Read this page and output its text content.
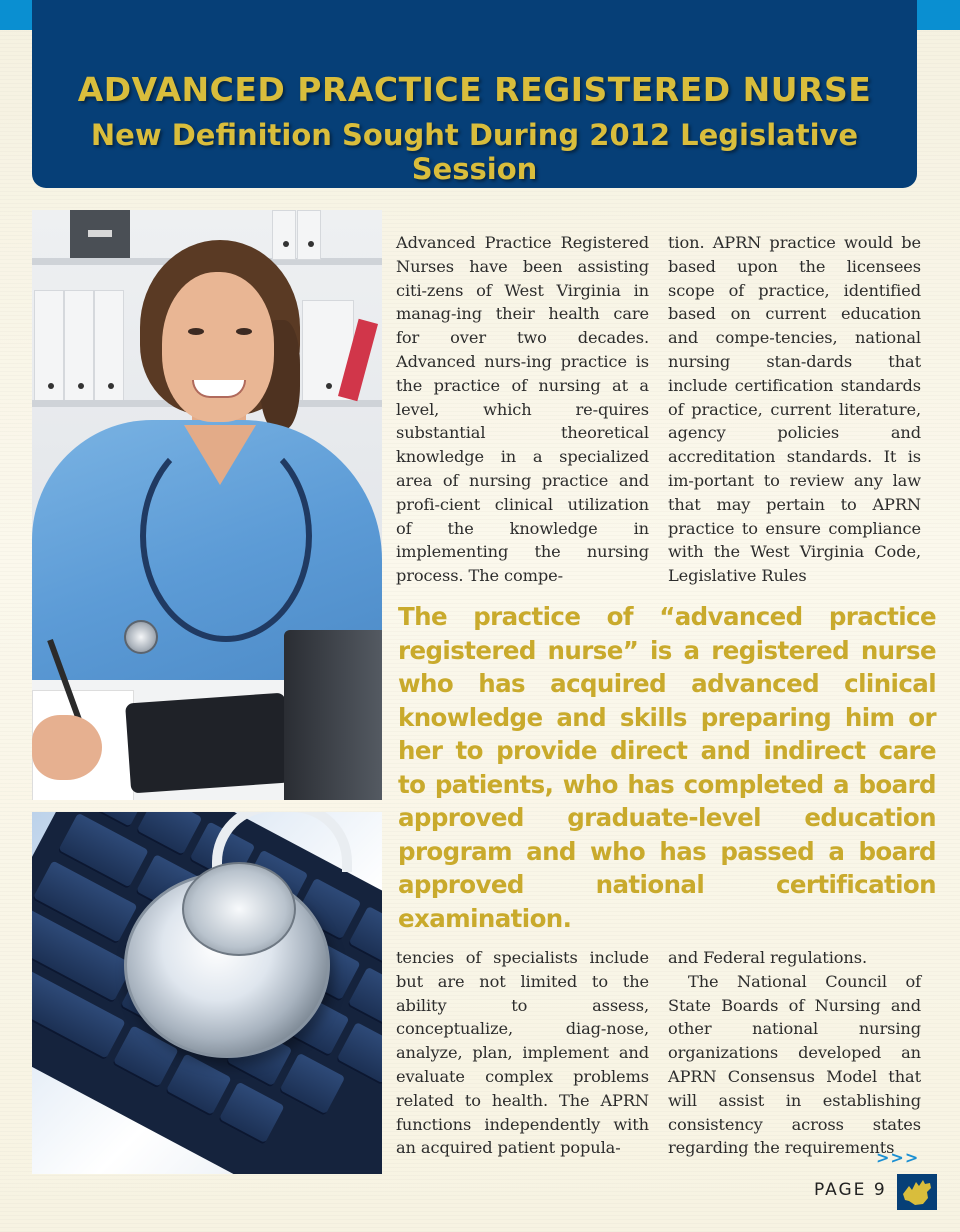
ADVANCED PRACTICE REGISTERED NURSE
New Definition Sought During 2012 Legislative Session

Advanced Practice Registered Nurses have been assisting citi-zens of West Virginia in manag-ing their health care for over two decades. Advanced nurs-ing practice is the practice of nursing at a level, which re-quires substantial theoretical knowledge in a specialized area of nursing practice and profi-cient clinical utilization of the knowledge in implementing the nursing process. The compe-

tion. APRN practice would be based upon the licensees scope of practice, identified based on current education and compe-tencies, national nursing stan-dards that include certification standards of practice, current literature, agency policies and accreditation standards. It is im-portant to review any law that may pertain to APRN practice to ensure compliance with the West Virginia Code, Legislative Rules

The practice of “advanced practice registered nurse” is a registered nurse who has acquired advanced clinical knowledge and skills preparing him or her to provide direct and indirect care to patients, who has completed a board approved graduate-level education program and who has passed a board approved national certification examination.

tencies of specialists include but are not limited to the ability to assess, conceptualize, diag-nose, analyze, plan, implement and evaluate complex problems related to health. The APRN functions independently with an acquired patient popula-

and Federal regulations.

The National Council of State Boards of Nursing and other national nursing organizations developed an APRN Consensus Model that will assist in establishing consistency across states regarding the requirements

>>>
PAGE 9
